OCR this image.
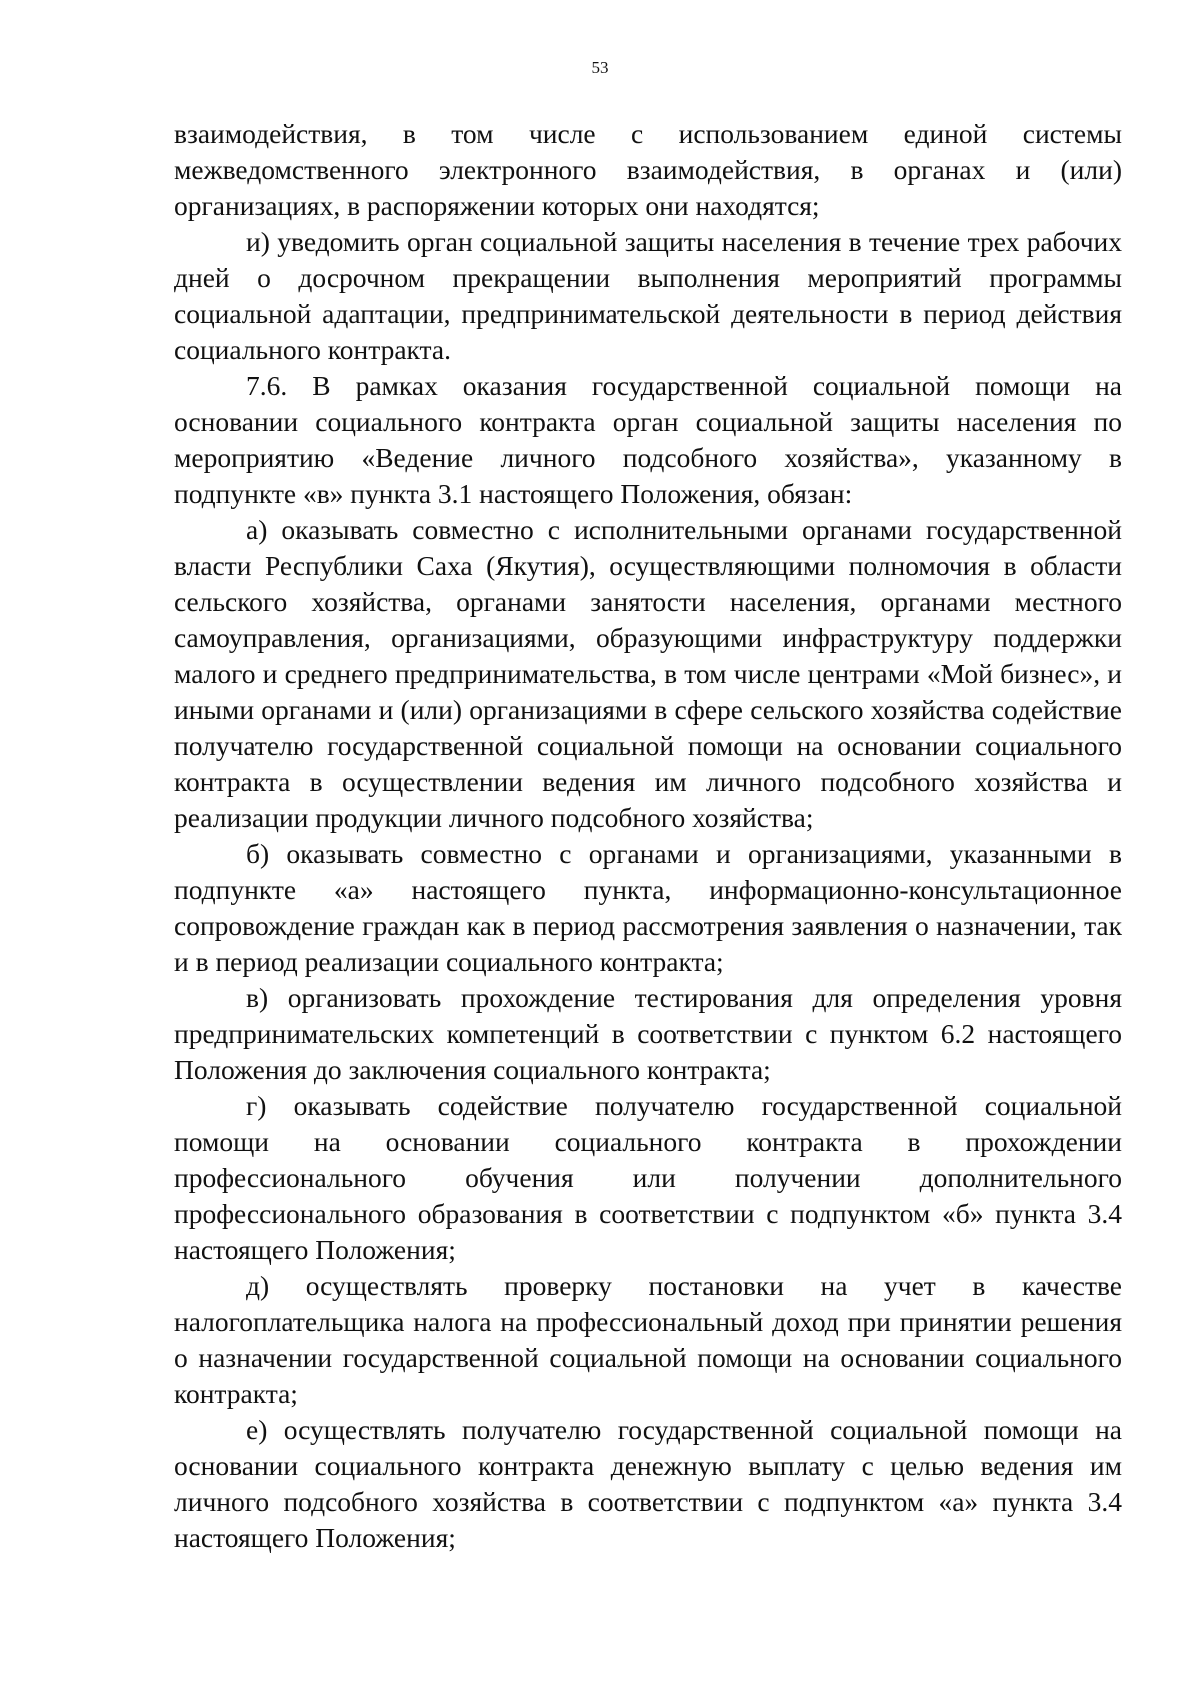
53

взаимодействия, в том числе с использованием единой системы межведомственного электронного взаимодействия, в органах и (или) организациях, в распоряжении которых они находятся;

и) уведомить орган социальной защиты населения в течение трех рабочих дней о досрочном прекращении выполнения мероприятий программы социальной адаптации, предпринимательской деятельности в период действия социального контракта.

7.6. В рамках оказания государственной социальной помощи на основании социального контракта орган социальной защиты населения по мероприятию «Ведение личного подсобного хозяйства», указанному в подпункте «в» пункта 3.1 настоящего Положения, обязан:

а) оказывать совместно с исполнительными органами государственной власти Республики Саха (Якутия), осуществляющими полномочия в области сельского хозяйства, органами занятости населения, органами местного самоуправления, организациями, образующими инфраструктуру поддержки малого и среднего предпринимательства, в том числе центрами «Мой бизнес», и иными органами и (или) организациями в сфере сельского хозяйства содействие получателю государственной социальной помощи на основании социального контракта в осуществлении ведения им личного подсобного хозяйства и реализации продукции личного подсобного хозяйства;

б) оказывать совместно с органами и организациями, указанными в подпункте «а» настоящего пункта, информационно-консультационное сопровождение граждан как в период рассмотрения заявления о назначении, так и в период реализации социального контракта;

в) организовать прохождение тестирования для определения уровня предпринимательских компетенций в соответствии с пунктом 6.2 настоящего Положения до заключения социального контракта;

г) оказывать содействие получателю государственной социальной помощи на основании социального контракта в прохождении профессионального обучения или получении дополнительного профессионального образования в соответствии с подпунктом «б» пункта 3.4 настоящего Положения;

д) осуществлять проверку постановки на учет в качестве налогоплательщика налога на профессиональный доход при принятии решения о назначении государственной социальной помощи на основании социального контракта;

е) осуществлять получателю государственной социальной помощи на основании социального контракта денежную выплату с целью ведения им личного подсобного хозяйства в соответствии с подпунктом «а» пункта 3.4 настоящего Положения;
